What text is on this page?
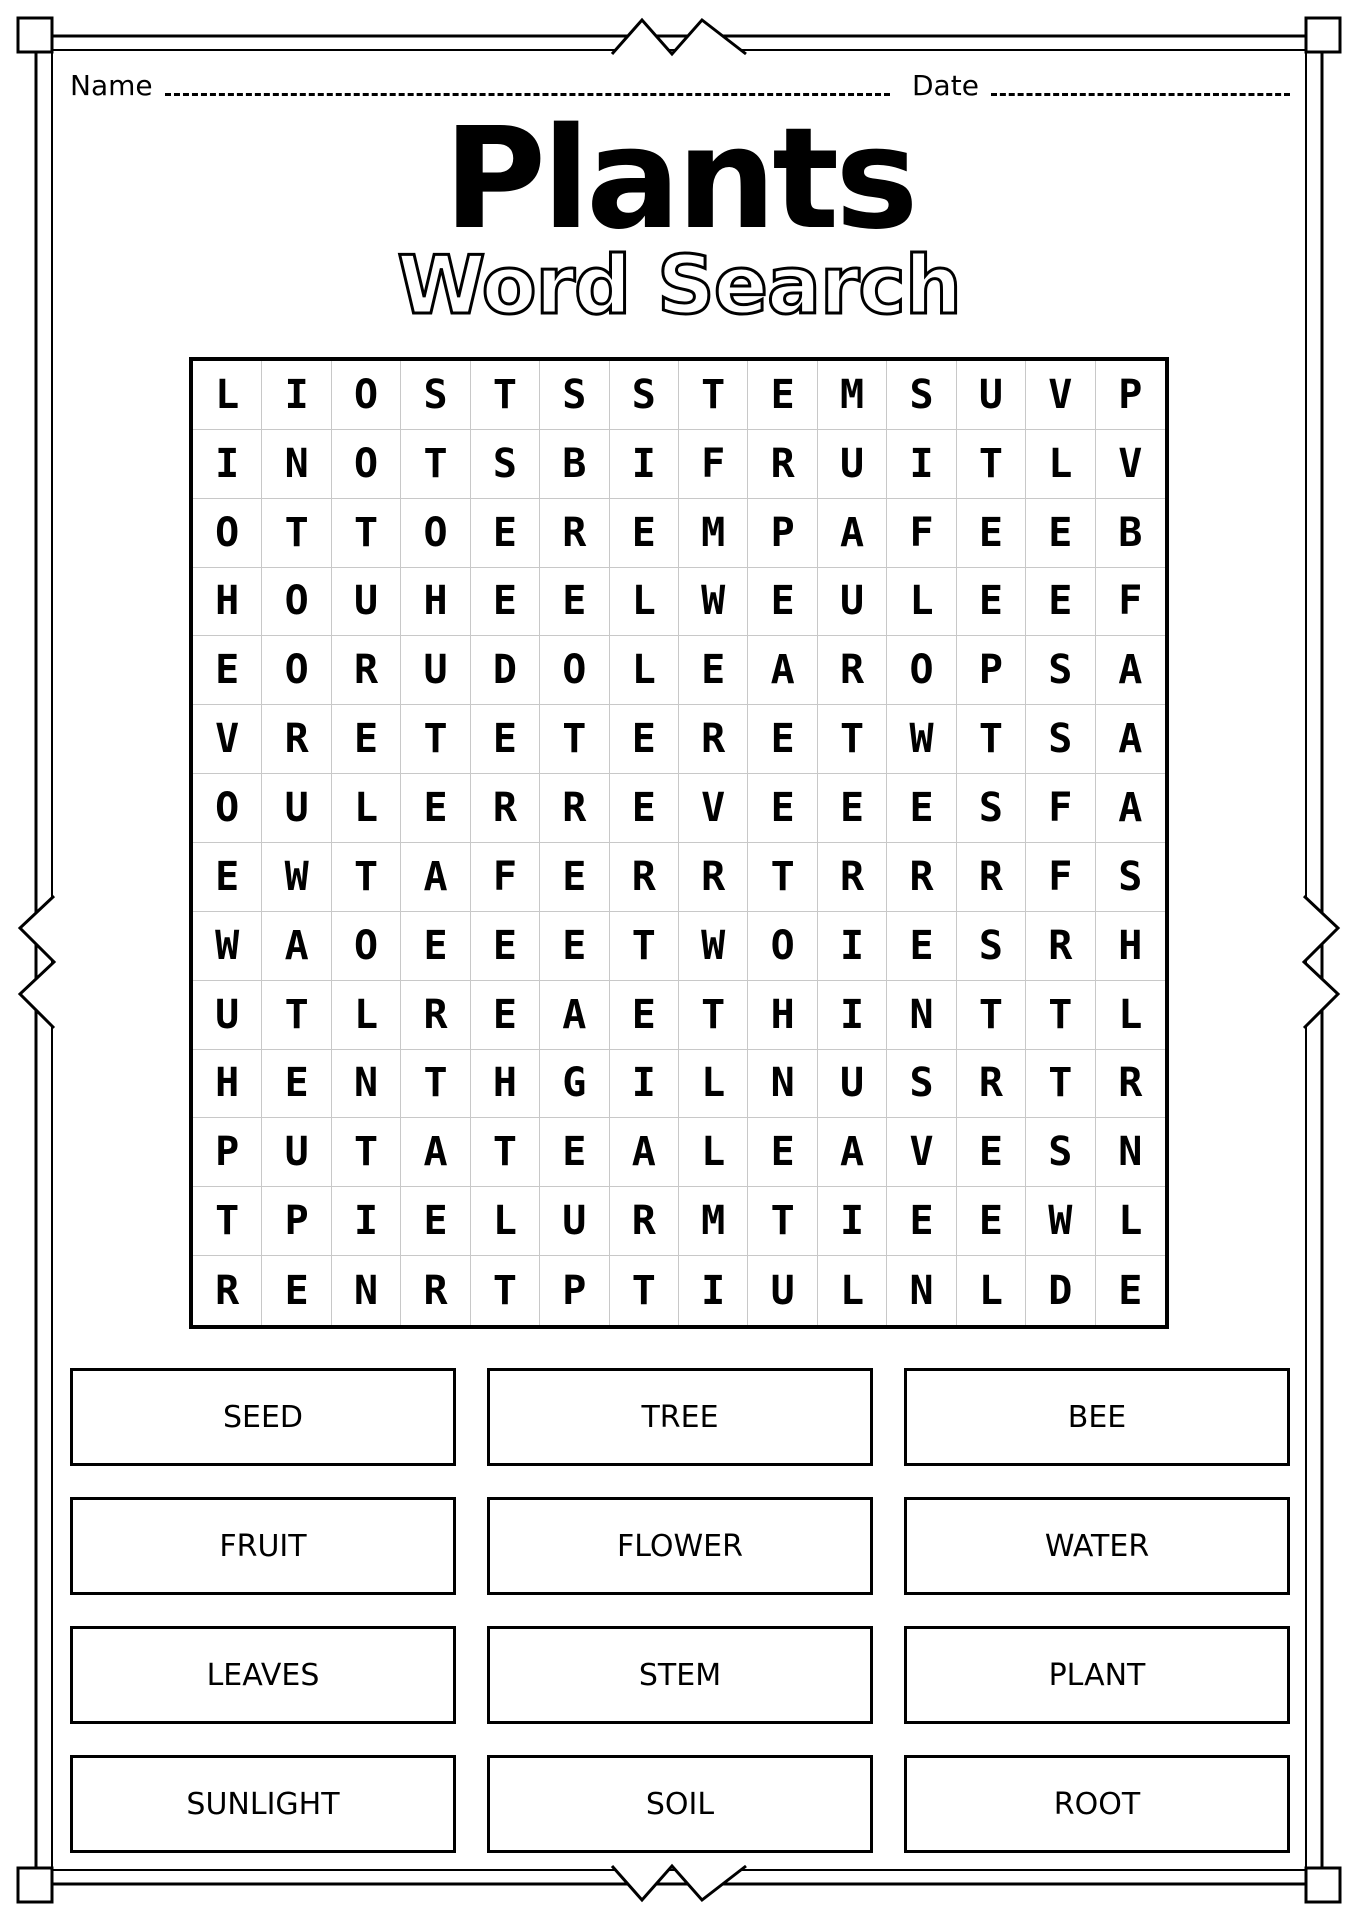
Name	Date
Plants
Word Search
L	I	O	S	T	S	S	T	E	M	S	U	V	P
I	N	O	T	S	B	I	F	R	U	I	T	L	V
O	T	T	O	E	R	E	M	P	A	F	E	E	B
H	O	U	H	E	E	L	W	E	U	L	E	E	F
E	O	R	U	D	O	L	E	A	R	O	P	S	A
V	R	E	T	E	T	E	R	E	T	W	T	S	A
O	U	L	E	R	R	E	V	E	E	E	S	F	A
E	W	T	A	F	E	R	R	T	R	R	R	F	S
W	A	O	E	E	E	T	W	O	I	E	S	R	H
U	T	L	R	E	A	E	T	H	I	N	T	T	L
H	E	N	T	H	G	I	L	N	U	S	R	T	R
P	U	T	A	T	E	A	L	E	A	V	E	S	N
T	P	I	E	L	U	R	M	T	I	E	E	W	L
R	E	N	R	T	P	T	I	U	L	N	L	D	E
SEED	TREE	BEE
FRUIT	FLOWER	WATER
LEAVES	STEM	PLANT
SUNLIGHT	SOIL	ROOT
